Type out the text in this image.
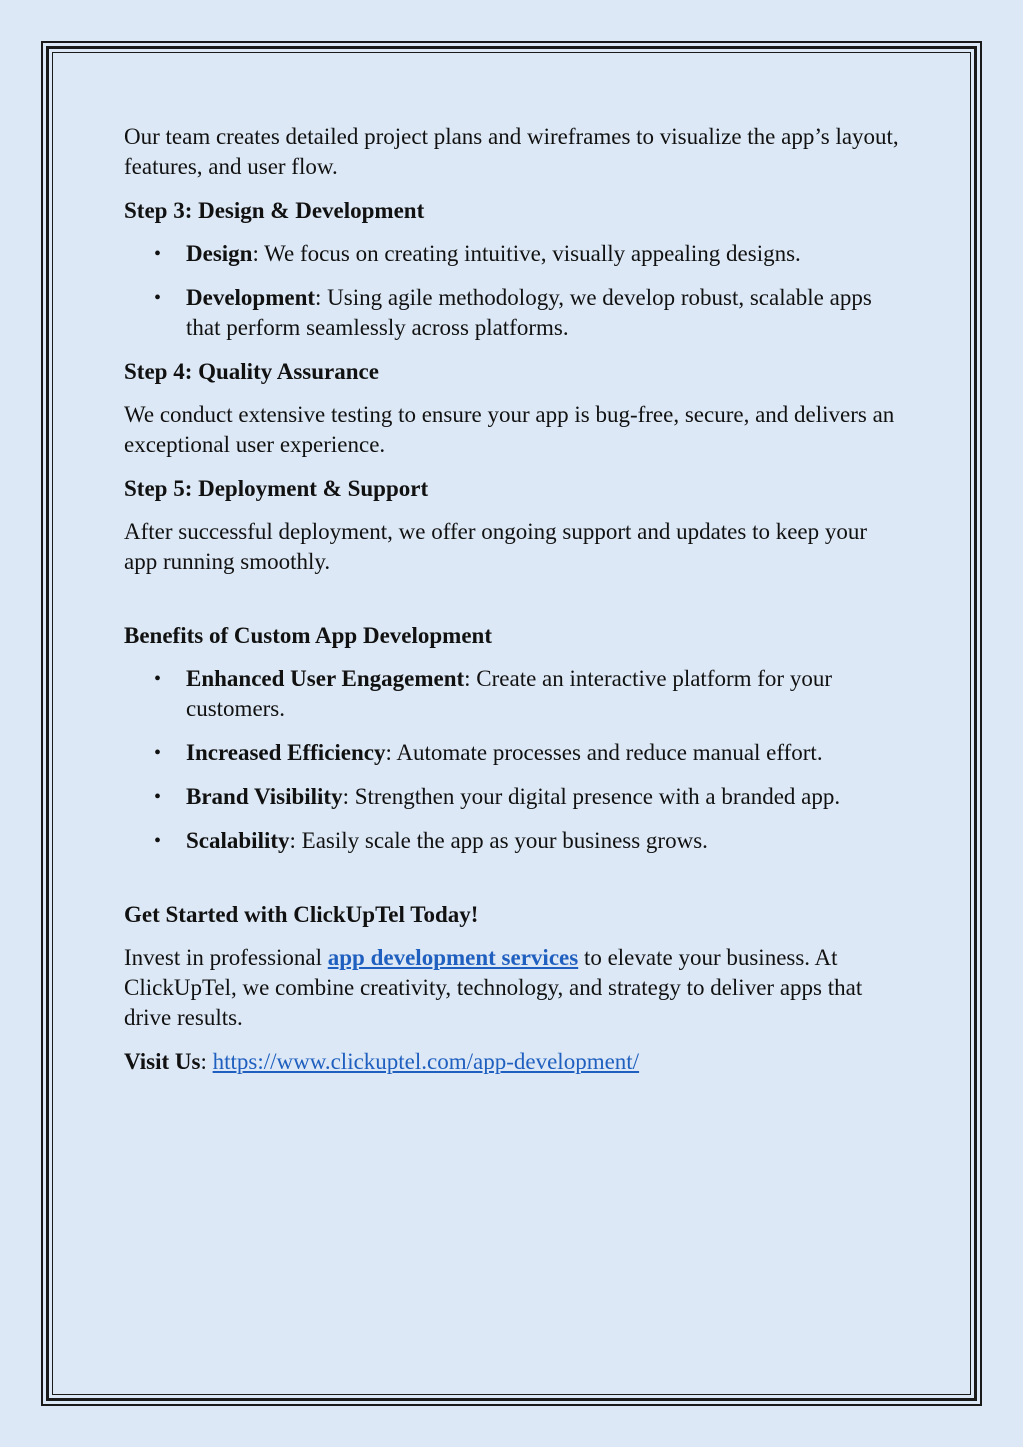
Our team creates detailed project plans and wireframes to visualize the app’s layout, features, and user flow.

Step 3: Design & Development

• Design: We focus on creating intuitive, visually appealing designs.
• Development: Using agile methodology, we develop robust, scalable apps that perform seamlessly across platforms.

Step 4: Quality Assurance

We conduct extensive testing to ensure your app is bug-free, secure, and delivers an exceptional user experience.

Step 5: Deployment & Support

After successful deployment, we offer ongoing support and updates to keep your app running smoothly.

Benefits of Custom App Development

• Enhanced User Engagement: Create an interactive platform for your customers.
• Increased Efficiency: Automate processes and reduce manual effort.
• Brand Visibility: Strengthen your digital presence with a branded app.
• Scalability: Easily scale the app as your business grows.

Get Started with ClickUpTel Today!

Invest in professional app development services to elevate your business. At ClickUpTel, we combine creativity, technology, and strategy to deliver apps that drive results.

Visit Us: https://www.clickuptel.com/app-development/
